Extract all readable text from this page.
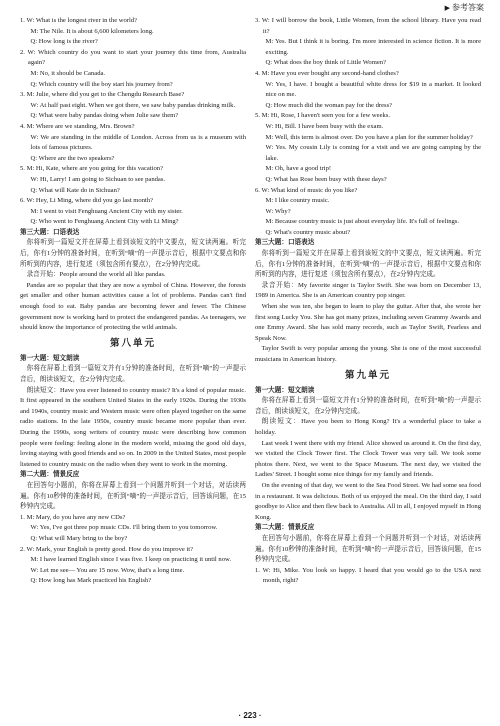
▶ 参考答案

1. W: What is the longest river in the world?

M: The Nile. It is about 6,600 kilometers long.

Q: How long is the river?

2. W: Which country do you want to start your journey this time from, Australia again?

M: No, it should be Canada.

Q: Which country will the boy start his journey from?

3. M: Julie, where did you get to the Chengdu Research Base?

W: At half past eight. When we got there, we saw baby pandas drinking milk.

Q: What were baby pandas doing when Julie saw them?

4. M: Where are we standing, Mrs. Brown?

W: We are standing in the middle of London. Across from us is a museum with lots of famous pictures.

Q: Where are the two speakers?

5. M: Hi, Kate, where are you going for this vacation?

W: Hi, Larry! I am going to Sichuan to see pandas.

Q: What will Kate do in Sichuan?

6. W: Hey, Li Ming, where did you go last month?

M: I went to visit Fenghuang Ancient City with my sister.

Q: Who went to Fenghuang Ancient City with Li Ming?

第三大题：口语表达

你将听到一篇短文并在屏幕上看到该短文的中文要点，短文读两遍。听完后，你有1分钟的准备时间，在听到“嘀”的一声提示音后，根据中文要点和你所听到的内容，进行复述（须包含所有要点），在2分钟内完成。

录音开始：People around the world all like pandas.

Pandas are so popular that they are now a symbol of China. However, the forests get smaller and other human activities cause a lot of problems. Pandas can't find enough food to eat. Baby pandas are becoming fewer and fewer. The Chinese government now is working hard to protect the endangered pandas. As teenagers, we should know the importance of protecting the wild animals.

第八单元

第一大题：短文朗读

你将在屏幕上看到一篇短文并有1分钟的准备时间，在听到“嘀”的一声提示音后，朗读该短文，在2分钟内完成。

朗读短文：Have you ever listened to country music? It's a kind of popular music. It first appeared in the southern United States in the early 1920s. During the 1930s and 1940s, country music and Western music were often played together on the same radio stations. In the late 1950s, country music became more popular than ever. During the 1990s, song writers of country music were describing how common people were feeling: feeling alone in the modern world, missing the good old days, loving staying with good friends and so on. In 2009 in the United States, most people listened to country music on the radio when they went to work in the morning.

第二大题：情景反应

在回答句小题前，你将在屏幕上看到一个问题并听到一个对话，对话读两遍。你有10秒钟的准备时间，在听到“嘀”的一声提示音后，回答该问题，在15秒钟内完成。

1. M: Mary, do you have any new CDs?

W: Yes, I've got three pop music CDs. I'll bring them to you tomorrow.

Q: What will Mary bring to the boy?

2. W: Mark, your English is pretty good. How do you improve it?

M: I have learned English since I was five. I keep on practicing it until now.

W: Let me see— You are 15 now. Wow, that's a long time.

Q: How long has Mark practiced his English?

3. W: I will borrow the book, Little Women, from the school library. Have you read it?

M: Yes. But I think it is boring. I'm more interested in science fiction. It is more exciting.

Q: What does the boy think of Little Women?

4. M: Have you ever bought any second-hand clothes?

W: Yes, I have. I bought a beautiful white dress for $19 in a market. It looked nice on me.

Q: How much did the woman pay for the dress?

5. M: Hi, Rose, I haven't seen you for a few weeks.

W: Hi, Bill. I have been busy with the exam.

M: Well, this term is almost over. Do you have a plan for the summer holiday?

W: Yes. My cousin Lily is coming for a visit and we are going camping by the lake.

M: Oh, have a good trip!

Q: What has Rose been busy with these days?

6. W: What kind of music do you like?

M: I like country music.

W: Why?

M: Because country music is just about everyday life. It's full of feelings.

Q: What's country music about?

第三大题：口语表达

你将听到一篇短文并在屏幕上看到该短文的中文要点，短文读两遍。听完后，你有1分钟的准备时间，在听到“嘀”的一声提示音后，根据中文要点和你所听到的内容，进行复述（须包含所有要点），在2分钟内完成。

录音开始：My favorite singer is Taylor Swift. She was born on December 13, 1989 in America. She is an American country pop singer.

When she was ten, she began to learn to play the guitar. After that, she wrote her first song Lucky You. She has got many prizes, including seven Grammy Awards and one Emmy Award. She has sold many records, such as Taylor Swift, Fearless and Speak Now.

Taylor Swift is very popular among the young. She is one of the most successful musicians in American history.

第九单元

第一大题：短文朗读

你将在屏幕上看到一篇短文并有1分钟的准备时间，在听到“嘀”的一声提示音后，朗读该短文，在2分钟内完成。

朗读短文：Have you been to Hong Kong? It's a wonderful place to take a holiday.

Last week I went there with my friend. Alice showed us around it. On the first day, we visited the Clock Tower first. The Clock Tower was very tall. We took some photos there. Next, we went to the Space Museum. The next day, we visited the Ladies' Street. I bought some nice things for my family and friends.

On the evening of that day, we went to the Sea Food Street. We had some sea food in a restaurant. It was delicious. Both of us enjoyed the meal. On the third day, I said goodbye to Alice and then flew back to Australia. All in all, I enjoyed myself in Hong Kong.

第二大题：情景反应

在回答句小题前，你将在屏幕上看到一个问题并听到一个对话，对话读两遍。你有10秒钟的准备时间，在听到“嘀”的一声提示音后，回答该问题，在15秒钟内完成。

1. W: Hi, Mike. You look so happy. I heard that you would go to the USA next month, right?

· 223 ·
